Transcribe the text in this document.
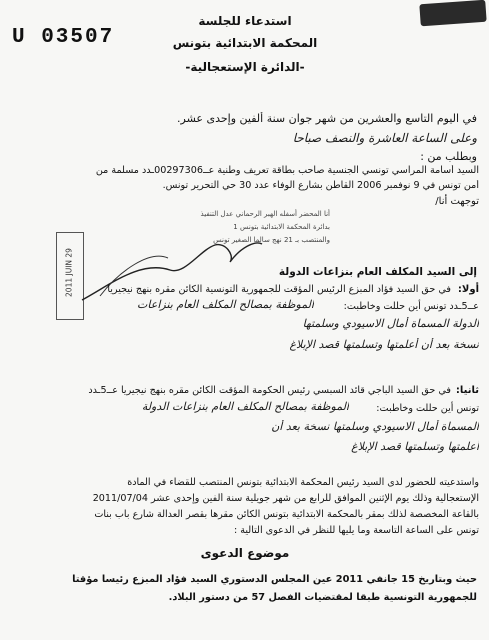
U 03507
استدعاء للجلسة
المحكمة الابتدائية بتونس
-الدائرة الإستعجالية-
في اليوم التاسع والعشرين من شهر جوان سنة ألفين وإحدى عشر.
وعلى الساعة العاشرة والنصف صباحا
وبطلب من :
السيد أسامة المراسي تونسي الجنسية صاحب بطاقة تعريف وطنية عــ00297306ـدد مسلمة من
أمن تونس في 9 نوفمبر 2006 القاطن بشارع الوفاء عدد 30 حي التحرير تونس.
توجهت أنا/
أنا المحضر أسفله الهبر الرحماني عدل التنفيذ
بدائرة المحكمة الابتدائية بتونس 1
والمنتصب بـ 21 نهج سالما الصغير تونس
2011 JUIN 29	إلى السيد المكلف العام بنزاعات الدولة
أولا:
في حق السيد فؤاد المبزع الرئيس المؤقت للجمهورية التونسية الكائن مقره بنهج نيجيريا
عــ5ـدد تونس أين حللت وخاطبت:
الموظفة بمصالح المكلف العام بنزاعات
الدولة المسماة أمال الاسيودي وسلمتها
نسخة بعد أن أعلمتها وتسلمتها قصد الإبلاغ
ثانيا:
في حق السيد الباجي قائد السبسي رئيس الحكومة المؤقت الكائن مقره بنهج نيجيريا عــ5ـدد
تونس أين حللت وخاطبت:
الموظفة بمصالح المكلف العام بنزاعات الدولة
المسماة أمال الاسيودي وسلمتها نسخة بعد أن
أعلمتها وتسلمتها قصد الإبلاغ
واستدعيته للحضور لدى السيد رئيس المحكمة الابتدائية بتونس المنتصب للقضاء في المادة
الإستعجالية وذلك يوم الإثنين الموافق للرابع من شهر جويلية سنة ألفين وإحدى عشر 2011/07/04
بالقاعة المخصصة لذلك بمقر بالمحكمة الابتدائية بتونس الكائن مقرها بقصر العدالة شارع باب بنات
تونس على الساعة التاسعة وما يليها للنظر في الدعوى التالية :
موضوع الدعوى
حيث وبتاريخ 15 جانفي 2011 عين المجلس الدستوري السيد فؤاد المبزع رئيسا مؤقتا
للجمهورية التونسية طبقا لمقتضيات الفصل 57 من دستور البلاد.
